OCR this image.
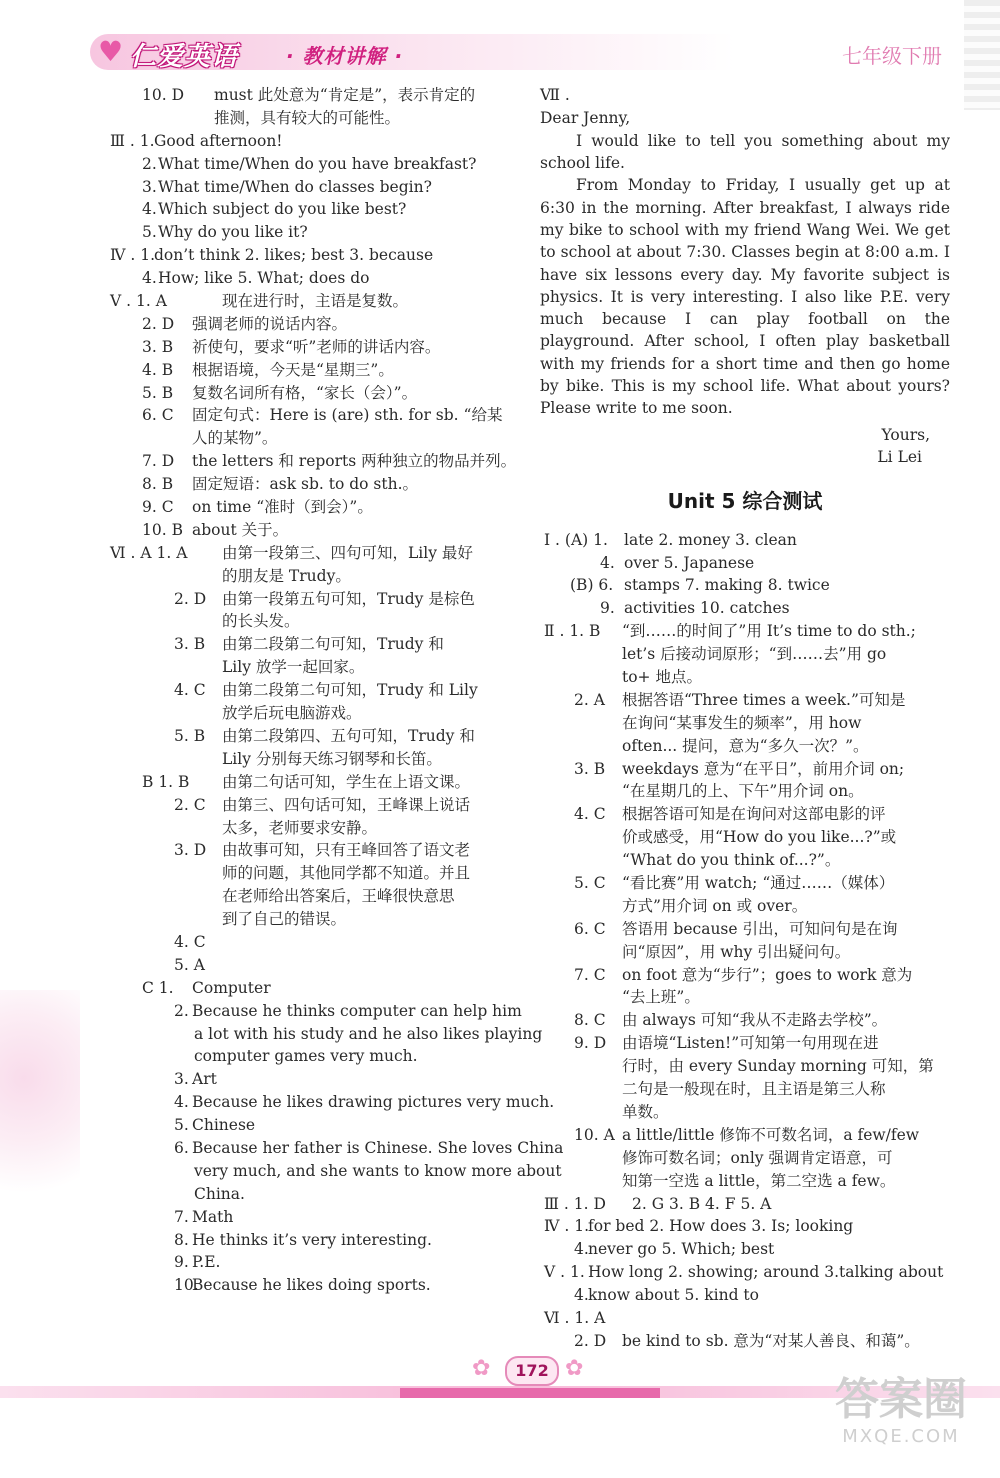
♥ 仁爱英语 · 教材讲解 ·	七年级下册
10. D must 此处意为“肯定是”，表示肯定的
推测，具有较大的可能性。
Ⅲ . 1. Good afternoon!
2. What time/When do you have breakfast?
3. What time/When do classes begin?
4. Which subject do you like best?
5. Why do you like it?
Ⅳ . 1.
don’t think 2. likes; best 3. because
4. How; like 5. What; does do
Ⅴ . 1. A	现在进行时，主语是复数。
2. D 强调老师的说话内容。
3. B 祈使句，要求“听”老师的讲话内容。
4. B 根据语境，今天是“星期三”。
5. B 复数名词所有格，“家长（会）”。
6. C 固定句式：Here is (are) sth. for sb. “给某
人的某物”。
7. D the letters 和 reports 两种独立的物品并列。
8. B 固定短语：ask sb. to do sth.。
9. C on time “准时（到会）”。
10. B about 关于。
Ⅵ . A 1. A 由第一段第三、四句可知，Lily 最好
的朋友是 Trudy。
2. D 由第一段第五句可知，Trudy 是棕色
的长头发。
3. B 由第二段第二句可知，Trudy 和
Lily 放学一起回家。
4. C 由第二段第二句可知，Trudy 和 Lily
放学后玩电脑游戏。
5. B 由第二段第四、五句可知，Trudy 和
Lily 分别每天练习钢琴和长笛。
B 1. B 由第二句话可知，学生在上语文课。
2. C 由第三、四句话可知，王峰课上说话
太多，老师要求安静。
3. D 由故事可知，只有王峰回答了语文老
师的问题，其他同学都不知道。并且
在老师给出答案后，王峰很快意思
到了自己的错误。
4. C
5. A
C 1. Computer
2. Because he thinks computer can help him
a lot with his study and he also likes playing
computer games very much.
3. Art
4. Because he likes drawing pictures very much.
5. Chinese
6. Because her father is Chinese. She loves China
very much, and she wants to know more about
China.
7. Math
8. He thinks it’s very interesting.
9. P.E.
10.
Because he likes doing sports.
Ⅶ .

Dear Jenny,

I would like to tell you something about my school life.

From Monday to Friday, I usually get up at 6:30 in the morning. After breakfast, I always ride my bike to school with my friend Wang Wei. We get to school at about 7:30. Classes begin at 8:00 a.m. I have six lessons every day. My favorite subject is physics. It is very interesting. I also like P.E. very much because I can play football on the playground. After school, I often play basketball with my friends for a short time and then go home by bike. This is my school life. What about yours? Please write to me soon.

Yours,
Li Lei
Unit 5 综合测试
Ⅰ . (A) 1. late 2. money 3. clean
4. over 5. Japanese
(B) 6. stamps 7. making 8. twice
9. activities 10. catches
Ⅱ . 1. B “到……的时间了”用 It’s time to do sth.;
let’s 后接动词原形；“到……去”用 go
to+ 地点。
2. A 根据答语“Three times a week.”可知是
在询问“某事发生的频率”，用 how
often... 提问，意为“多久一次？”。
3. B weekdays 意为“在平日”，前用介词 on;
“在星期几的上、下午”用介词 on。
4. C 根据答语可知是在询问对这部电影的评
价或感受，用“How do you like...?”或
“What do you think of...?”。
5. C “看比赛”用 watch; “通过……（媒体）
方式”用介词 on 或 over。
6. C 答语用 because 引出，可知问句是在询
问“原因”，用 why 引出疑问句。
7. C on foot 意为“步行”；goes to work 意为
“去上班”。
8. C 由 always 可知“我从不走路去学校”。
9. D 由语境“Listen!”可知第一句用现在进
行时，由 every Sunday morning 可知，第
二句是一般现在时，且主语是第三人称
单数。
10. A a little/little 修饰不可数名词，a few/few
修饰可数名词；only 强调肯定语意，可
知第一空选 a little，第二空选 a few。
Ⅲ . 1. D 2. G 3. B 4. F 5. A
Ⅳ . 1.
for bed 2. How does 3. Is; looking
4. never go 5. Which; best
Ⅴ . 1. How long 2. showing; around 3.talking about
4. know about 5. kind to
Ⅵ . 1. A
2. D be kind to sb. 意为“对某人善良、和蔼”。
✿	✿
172
答案圈
MXQE.COM
